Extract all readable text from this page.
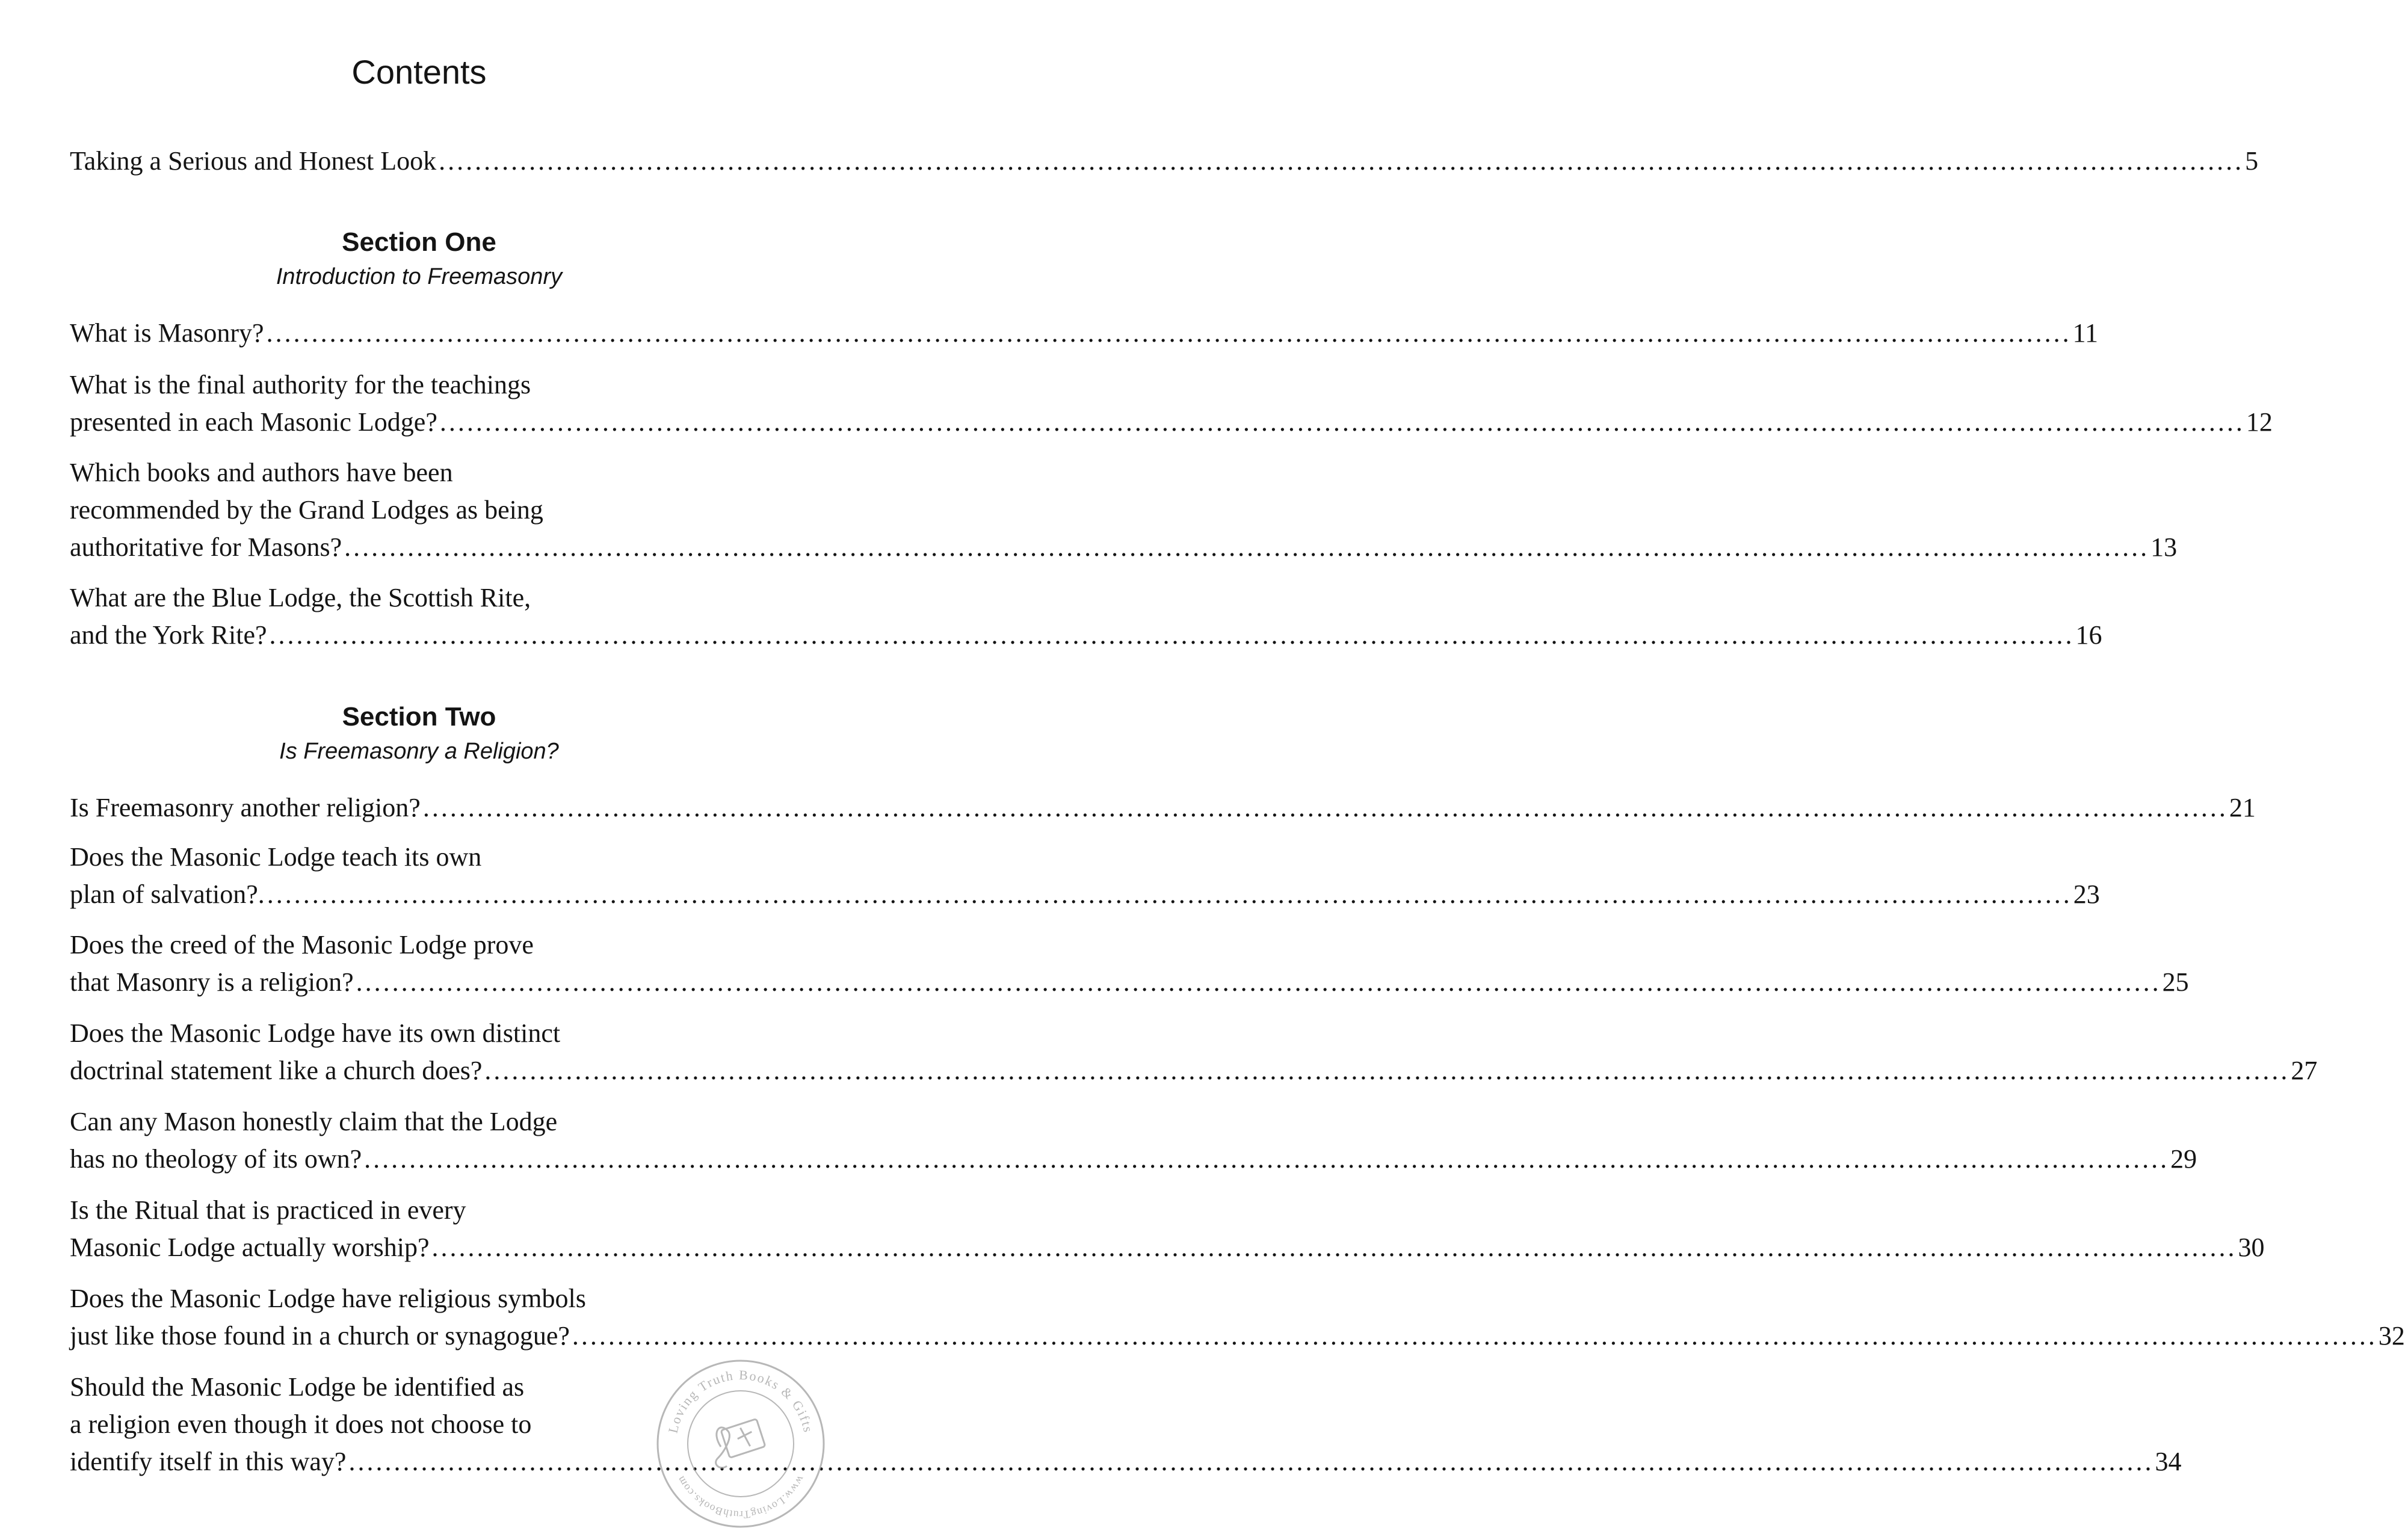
Contents
Taking a Serious and Honest Look ........................................................................................................................................................................................................ 5
Section One
Introduction to Freemasonry
What is Masonry? ........................................................................................................................................................................................................ 11
What is the final authority for the teachings
presented in each Masonic Lodge? ........................................................................................................................................................................................................ 12
Which books and authors have been
recommended by the Grand Lodges as being
authoritative for Masons? ........................................................................................................................................................................................................ 13
What are the Blue Lodge, the Scottish Rite,
and the York Rite? ........................................................................................................................................................................................................ 16
Section Two
Is Freemasonry a Religion?
Is Freemasonry another religion? ........................................................................................................................................................................................................ 21
Does the Masonic Lodge teach its own
plan of salvation?. ........................................................................................................................................................................................................ 23
Does the creed of the Masonic Lodge prove
that Masonry is a religion? ........................................................................................................................................................................................................ 25
Does the Masonic Lodge have its own distinct
doctrinal statement like a church does? ........................................................................................................................................................................................................ 27
Can any Mason honestly claim that the Lodge
has no theology of its own? ........................................................................................................................................................................................................ 29
Is the Ritual that is practiced in every
Masonic Lodge actually worship? ........................................................................................................................................................................................................ 30
Does the Masonic Lodge have religious symbols
just like those found in a church or synagogue? ........................................................................................................................................................................................................ 32
Should the Masonic Lodge be identified as
a religion even though it does not choose to
identify itself in this way? ........................................................................................................................................................................................................ 34
Loving Truth Books & Gifts
www.LovingTruthBooks.com
